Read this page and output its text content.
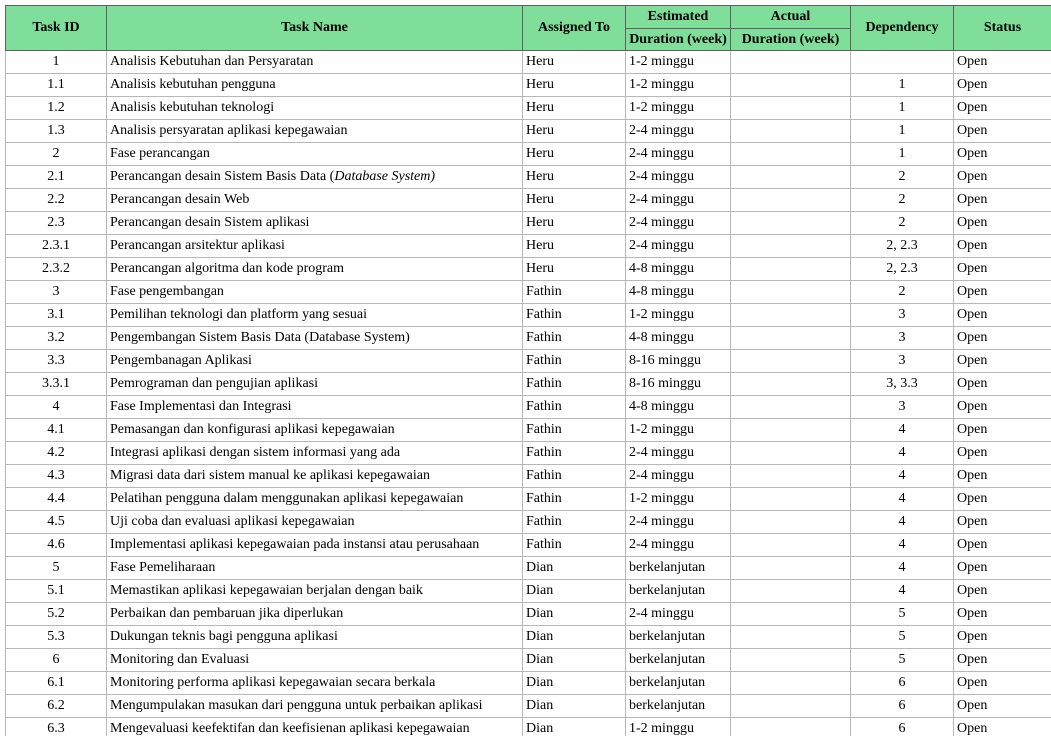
Task ID	Task Name	Assigned To	Estimated	Actual	Dependency	Status
			Duration (week)	Duration (week)		
1	Analisis Kebutuhan dan Persyaratan	Heru	1-2 minggu			Open
1.1	Analisis kebutuhan pengguna	Heru	1-2 minggu		1	Open
1.2	Analisis kebutuhan teknologi	Heru	1-2 minggu		1	Open
1.3	Analisis persyaratan aplikasi kepegawaian	Heru	2-4 minggu		1	Open
2	Fase perancangan	Heru	2-4 minggu		1	Open
2.1	Perancangan desain Sistem Basis Data (Database System)	Heru	2-4 minggu		2	Open
2.2	Perancangan desain Web	Heru	2-4 minggu		2	Open
2.3	Perancangan desain Sistem aplikasi	Heru	2-4 minggu		2	Open
2.3.1	Perancangan arsitektur aplikasi	Heru	2-4 minggu		2, 2.3	Open
2.3.2	Perancangan algoritma dan kode program	Heru	4-8 minggu		2, 2.3	Open
3	Fase pengembangan	Fathin	4-8 minggu		2	Open
3.1	Pemilihan teknologi dan platform yang sesuai	Fathin	1-2 minggu		3	Open
3.2	Pengembangan Sistem Basis Data (Database System)	Fathin	4-8 minggu		3	Open
3.3	Pengembanagan Aplikasi	Fathin	8-16 minggu		3	Open
3.3.1	Pemrograman dan pengujian aplikasi	Fathin	8-16 minggu		3, 3.3	Open
4	Fase Implementasi dan Integrasi	Fathin	4-8 minggu		3	Open
4.1	Pemasangan dan konfigurasi aplikasi kepegawaian	Fathin	1-2 minggu		4	Open
4.2	Integrasi aplikasi dengan sistem informasi yang ada	Fathin	2-4 minggu		4	Open
4.3	Migrasi data dari sistem manual ke aplikasi kepegawaian	Fathin	2-4 minggu		4	Open
4.4	Pelatihan pengguna dalam menggunakan aplikasi kepegawaian	Fathin	1-2 minggu		4	Open
4.5	Uji coba dan evaluasi aplikasi kepegawaian	Fathin	2-4 minggu		4	Open
4.6	Implementasi aplikasi kepegawaian pada instansi atau perusahaan	Fathin	2-4 minggu		4	Open
5	Fase Pemeliharaan	Dian	berkelanjutan		4	Open
5.1	Memastikan aplikasi kepegawaian berjalan dengan baik	Dian	berkelanjutan		4	Open
5.2	Perbaikan dan pembaruan jika diperlukan	Dian	2-4 minggu		5	Open
5.3	Dukungan teknis bagi pengguna aplikasi	Dian	berkelanjutan		5	Open
6	Monitoring dan Evaluasi	Dian	berkelanjutan		5	Open
6.1	Monitoring performa aplikasi kepegawaian secara berkala	Dian	berkelanjutan		6	Open
6.2	Mengumpulakan masukan dari pengguna untuk perbaikan aplikasi	Dian	berkelanjutan		6	Open
6.3	Mengevaluasi keefektifan dan keefisienan aplikasi kepegawaian	Dian	1-2 minggu		6	Open
